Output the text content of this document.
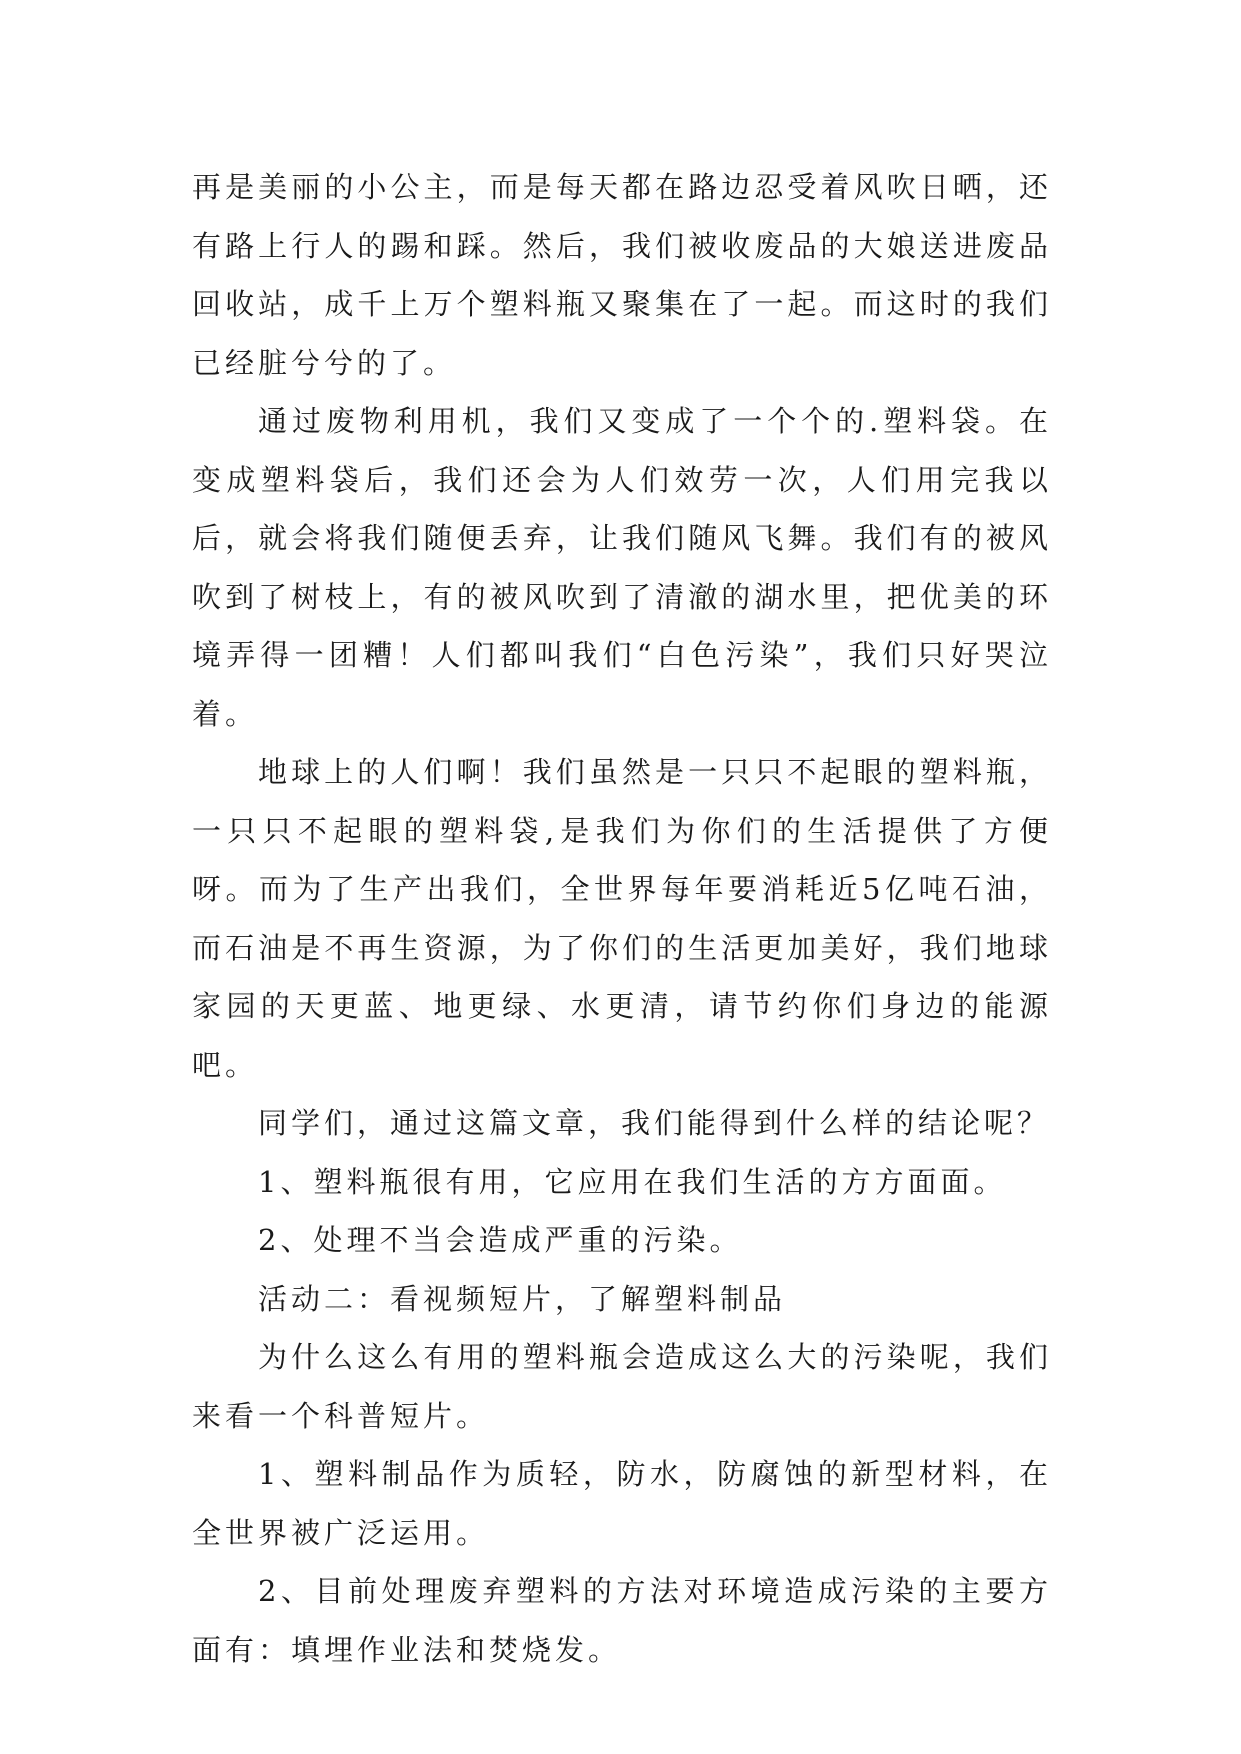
再是美丽的小公主，而是每天都在路边忍受着风吹日晒，还有路上行人的踢和踩。然后，我们被收废品的大娘送进废品回收站，成千上万个塑料瓶又聚集在了一起。而这时的我们已经脏兮兮的了。

通过废物利用机，我们又变成了一个个的.塑料袋。在变成塑料袋后，我们还会为人们效劳一次，人们用完我以后，就会将我们随便丢弃，让我们随风飞舞。我们有的被风吹到了树枝上，有的被风吹到了清澈的湖水里，把优美的环境弄得一团糟！人们都叫我们“白色污染”，我们只好哭泣着。

地球上的人们啊！我们虽然是一只只不起眼的塑料瓶，一只只不起眼的塑料袋,是我们为你们的生活提供了方便呀。而为了生产出我们，全世界每年要消耗近5亿吨石油，而石油是不再生资源，为了你们的生活更加美好，我们地球家园的天更蓝、地更绿、水更清，请节约你们身边的能源吧。

同学们，通过这篇文章，我们能得到什么样的结论呢？

1、塑料瓶很有用，它应用在我们生活的方方面面。

2、处理不当会造成严重的污染。

活动二：看视频短片，了解塑料制品

为什么这么有用的塑料瓶会造成这么大的污染呢，我们来看一个科普短片。

1、塑料制品作为质轻，防水，防腐蚀的新型材料，在全世界被广泛运用。

2、目前处理废弃塑料的方法对环境造成污染的主要方面有：填埋作业法和焚烧发。
